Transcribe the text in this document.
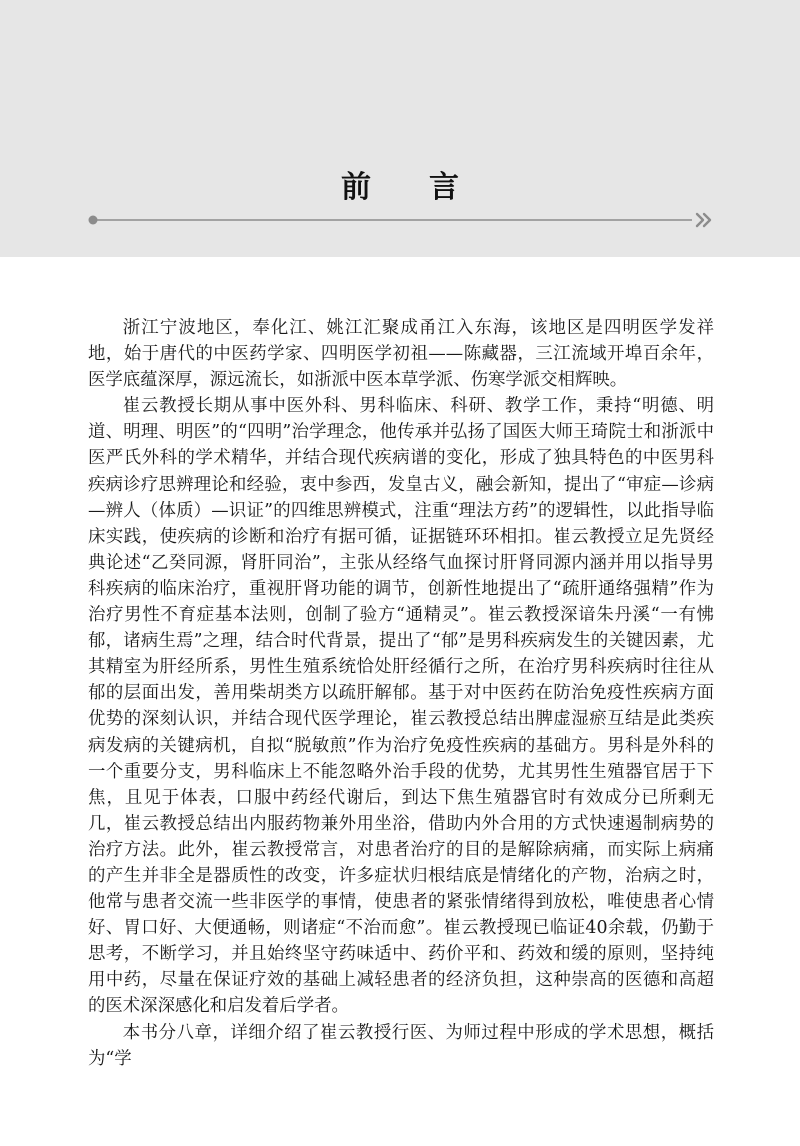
前言

浙江宁波地区，奉化江、姚江汇聚成甬江入东海，该地区是四明医学发祥地，始于唐代的中医药学家、四明医学初祖——陈藏器，三江流域开埠百余年，医学底蕴深厚，源远流长，如浙派中医本草学派、伤寒学派交相辉映。

崔云教授长期从事中医外科、男科临床、科研、教学工作，秉持“明德、明道、明理、明医”的“四明”治学理念，他传承并弘扬了国医大师王琦院士和浙派中医严氏外科的学术精华，并结合现代疾病谱的变化，形成了独具特色的中医男科疾病诊疗思辨理论和经验，衷中参西，发皇古义，融会新知，提出了“审症—诊病—辨人（体质）—识证”的四维思辨模式，注重“理法方药”的逻辑性，以此指导临床实践，使疾病的诊断和治疗有据可循，证据链环环相扣。崔云教授立足先贤经典论述“乙癸同源，肾肝同治”，主张从经络气血探讨肝肾同源内涵并用以指导男科疾病的临床治疗，重视肝肾功能的调节，创新性地提出了“疏肝通络强精”作为治疗男性不育症基本法则，创制了验方“通精灵”。崔云教授深谙朱丹溪“一有怫郁，诸病生焉”之理，结合时代背景，提出了“郁”是男科疾病发生的关键因素，尤其精室为肝经所系，男性生殖系统恰处肝经循行之所，在治疗男科疾病时往往从郁的层面出发，善用柴胡类方以疏肝解郁。基于对中医药在防治免疫性疾病方面优势的深刻认识，并结合现代医学理论，崔云教授总结出脾虚湿瘀互结是此类疾病发病的关键病机，自拟“脱敏煎”作为治疗免疫性疾病的基础方。男科是外科的一个重要分支，男科临床上不能忽略外治手段的优势，尤其男性生殖器官居于下焦，且见于体表，口服中药经代谢后，到达下焦生殖器官时有效成分已所剩无几，崔云教授总结出内服药物兼外用坐浴，借助内外合用的方式快速遏制病势的治疗方法。此外，崔云教授常言，对患者治疗的目的是解除病痛，而实际上病痛的产生并非全是器质性的改变，许多症状归根结底是情绪化的产物，治病之时，他常与患者交流一些非医学的事情，使患者的紧张情绪得到放松，唯使患者心情好、胃口好、大便通畅，则诸症“不治而愈”。崔云教授现已临证40余载，仍勤于思考，不断学习，并且始终坚守药味适中、药价平和、药效和缓的原则，坚持纯用中药，尽量在保证疗效的基础上减轻患者的经济负担，这种崇高的医德和高超的医术深深感化和启发着后学者。

本书分八章，详细介绍了崔云教授行医、为师过程中形成的学术思想，概括为“学
